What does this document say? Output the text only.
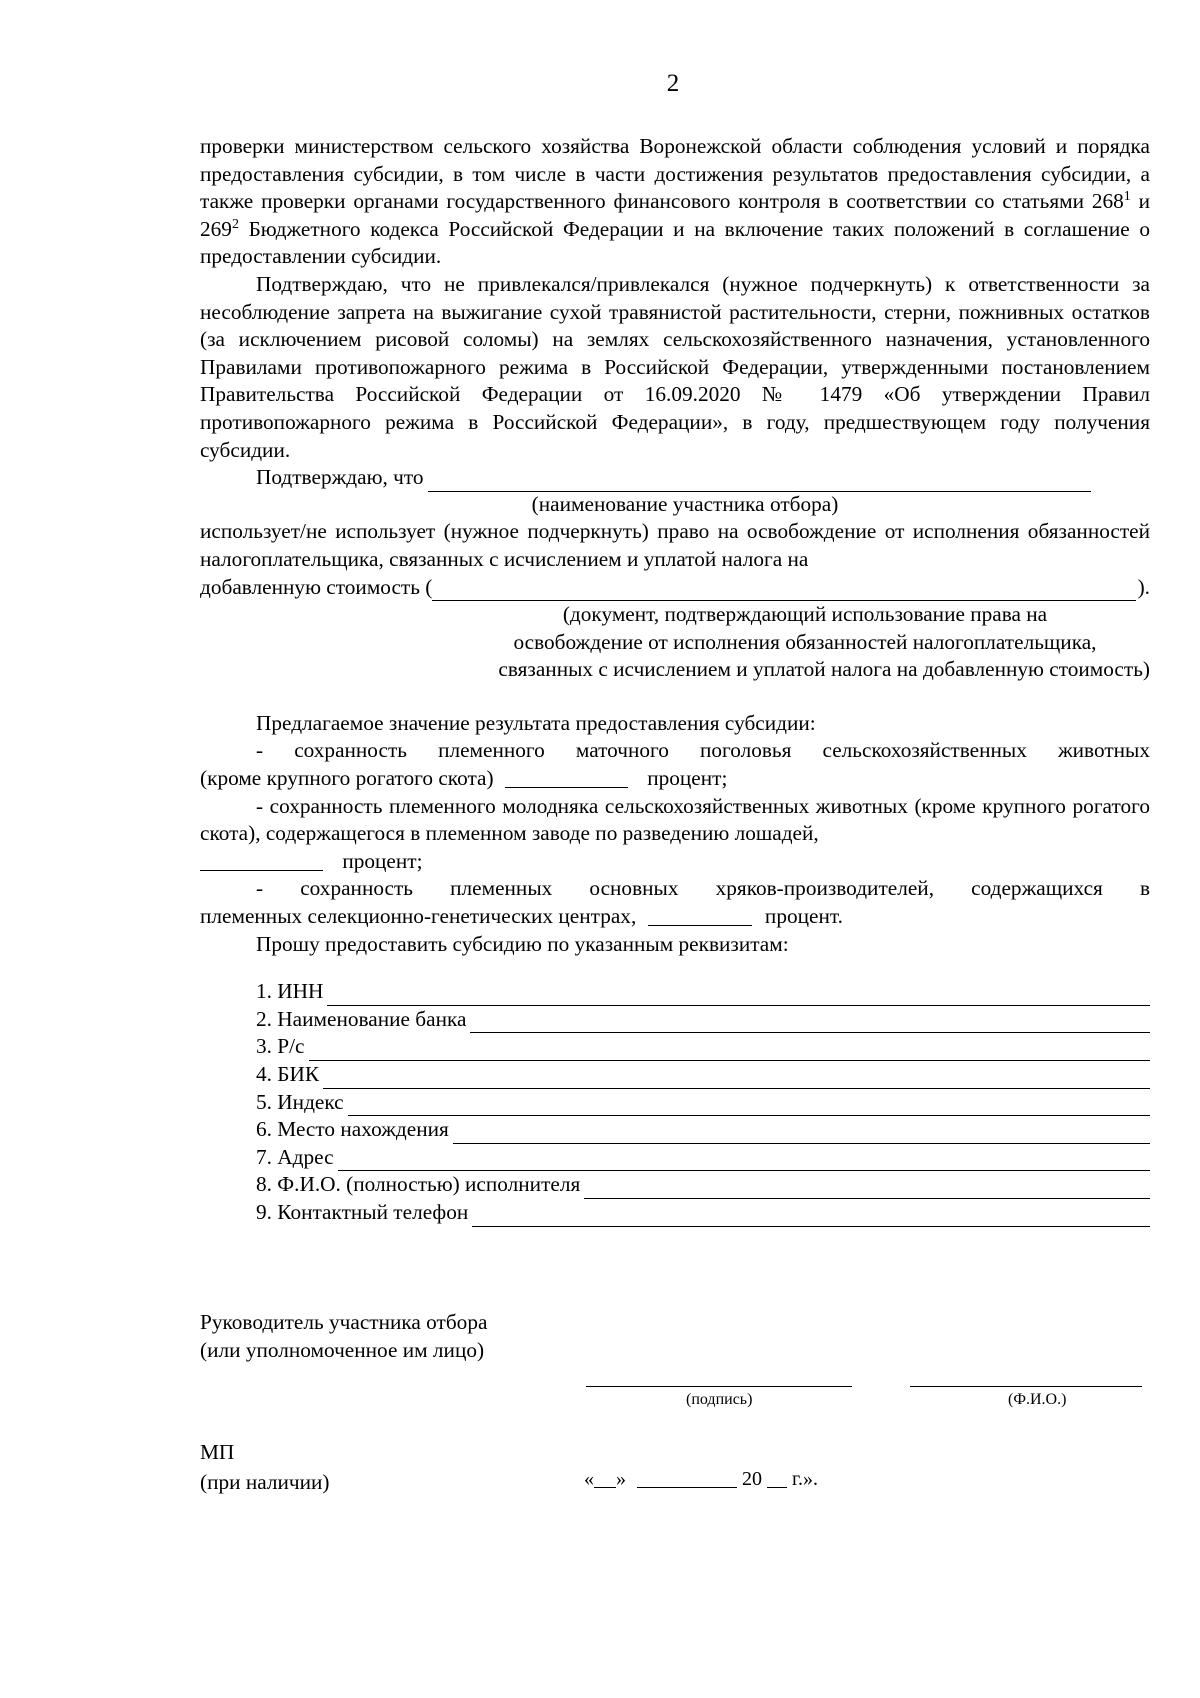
2

проверки министерством сельского хозяйства Воронежской области соблюдения условий и порядка предоставления субсидии, в том числе в части достижения результатов предоставления субсидии, а также проверки органами государственного финансового контроля в соответствии со статьями $268^1$ и $269^2$ Бюджетного кодекса Российской Федерации и на включение таких положений в соглашение о предоставлении субсидии.

Подтверждаю, что не привлекался/привлекался (нужное подчеркнуть) к ответственности за несоблюдение запрета на выжигание сухой травянистой растительности, стерни, пожнивных остатков (за исключением рисовой соломы) на землях сельскохозяйственного назначения, установленного Правилами противопожарного режима в Российской Федерации, утвержденными постановлением Правительства Российской Федерации от 16.09.2020 № 1479 «Об утверждении Правил противопожарного режима в Российской Федерации», в году, предшествующем году получения субсидии.

Подтверждаю, что
(наименование участника отбора)

использует/не использует (нужное подчеркнуть) право на освобождение от исполнения обязанностей налогоплательщика, связанных с исчислением и уплатой налога на

добавленную стоимость (	).
(документ, подтверждающий использование права на
освобождение от исполнения обязанностей налогоплательщика,
связанных с исчислением и уплатой налога на добавленную стоимость)

Предлагаемое значение результата предоставления субсидии:

- сохранность племенного маточного поголовья сельскохозяйственных животных

(кроме крупного рогатого скота)	процент;

- сохранность племенного молодняка сельскохозяйственных животных (кроме крупного рогатого скота), содержащегося в племенном заводе по разведению лошадей,

процент;

- сохранность племенных основных хряков-производителей, содержащихся в

племенных селекционно-генетических центрах,	процент.

Прошу предоставить субсидию по указанным реквизитам:

1. ИНН
2. Наименование банка
3. Р/с
4. БИК
5. Индекс
6. Место нахождения
7. Адрес
8. Ф.И.О. (полностью) исполнителя
9. Контактный телефон
Руководитель участника отбора
(или уполномоченное им лицо)
(подпись)	(Ф.И.О.)
МП
(при наличии)	« »	20 г.».
